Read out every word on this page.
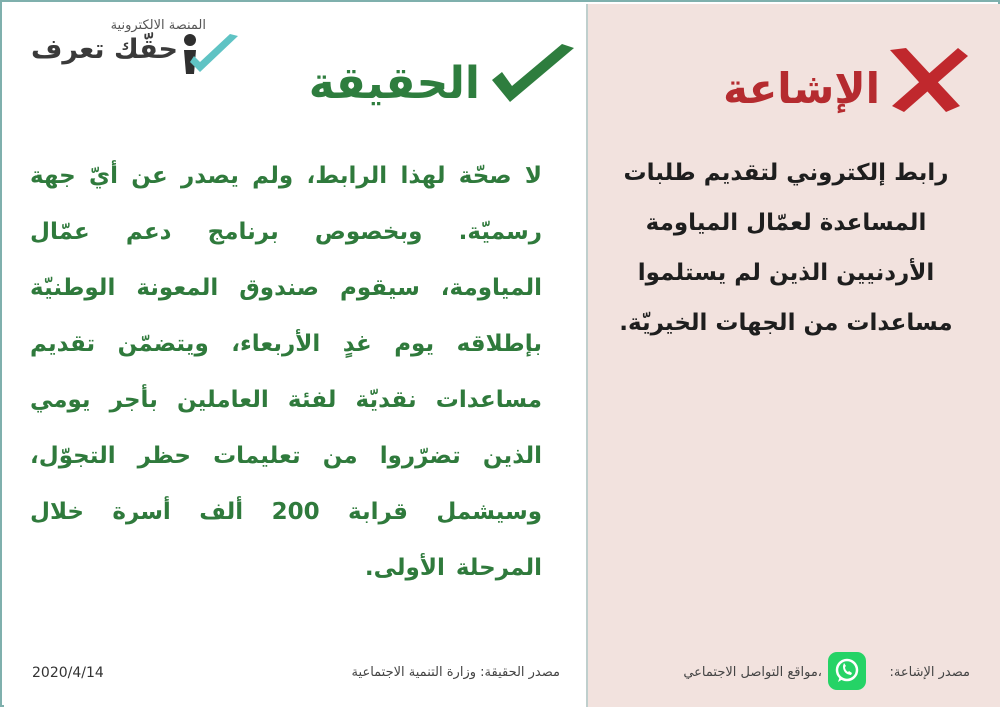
المنصة الالكترونية
حقّك تعرف
الحقيقة	الإشاعة
لا صحّة لهذا الرابط، ولم يصدر عن أيّ جهة رسميّة. وبخصوص برنامج دعم عمّال المياومة، سيقوم صندوق المعونة الوطنيّة بإطلاقه يوم غدٍ الأربعاء، ويتضمّن تقديم مساعدات نقديّة لفئة العاملين بأجر يومي الذين تضرّروا من تعليمات حظر التجوّل، وسيشمل قرابة 200 ألف أسرة خلال المرحلة الأولى.
رابط إلكتروني لتقديم طلبات المساعدة لعمّال المياومة الأردنيين الذين لم يستلموا مساعدات من الجهات الخيريّة.
2020/4/14	مصدر الحقيقة: وزارة التنمية الاجتماعية	مصدر الإشاعة:
،مواقع التواصل الاجتماعي
